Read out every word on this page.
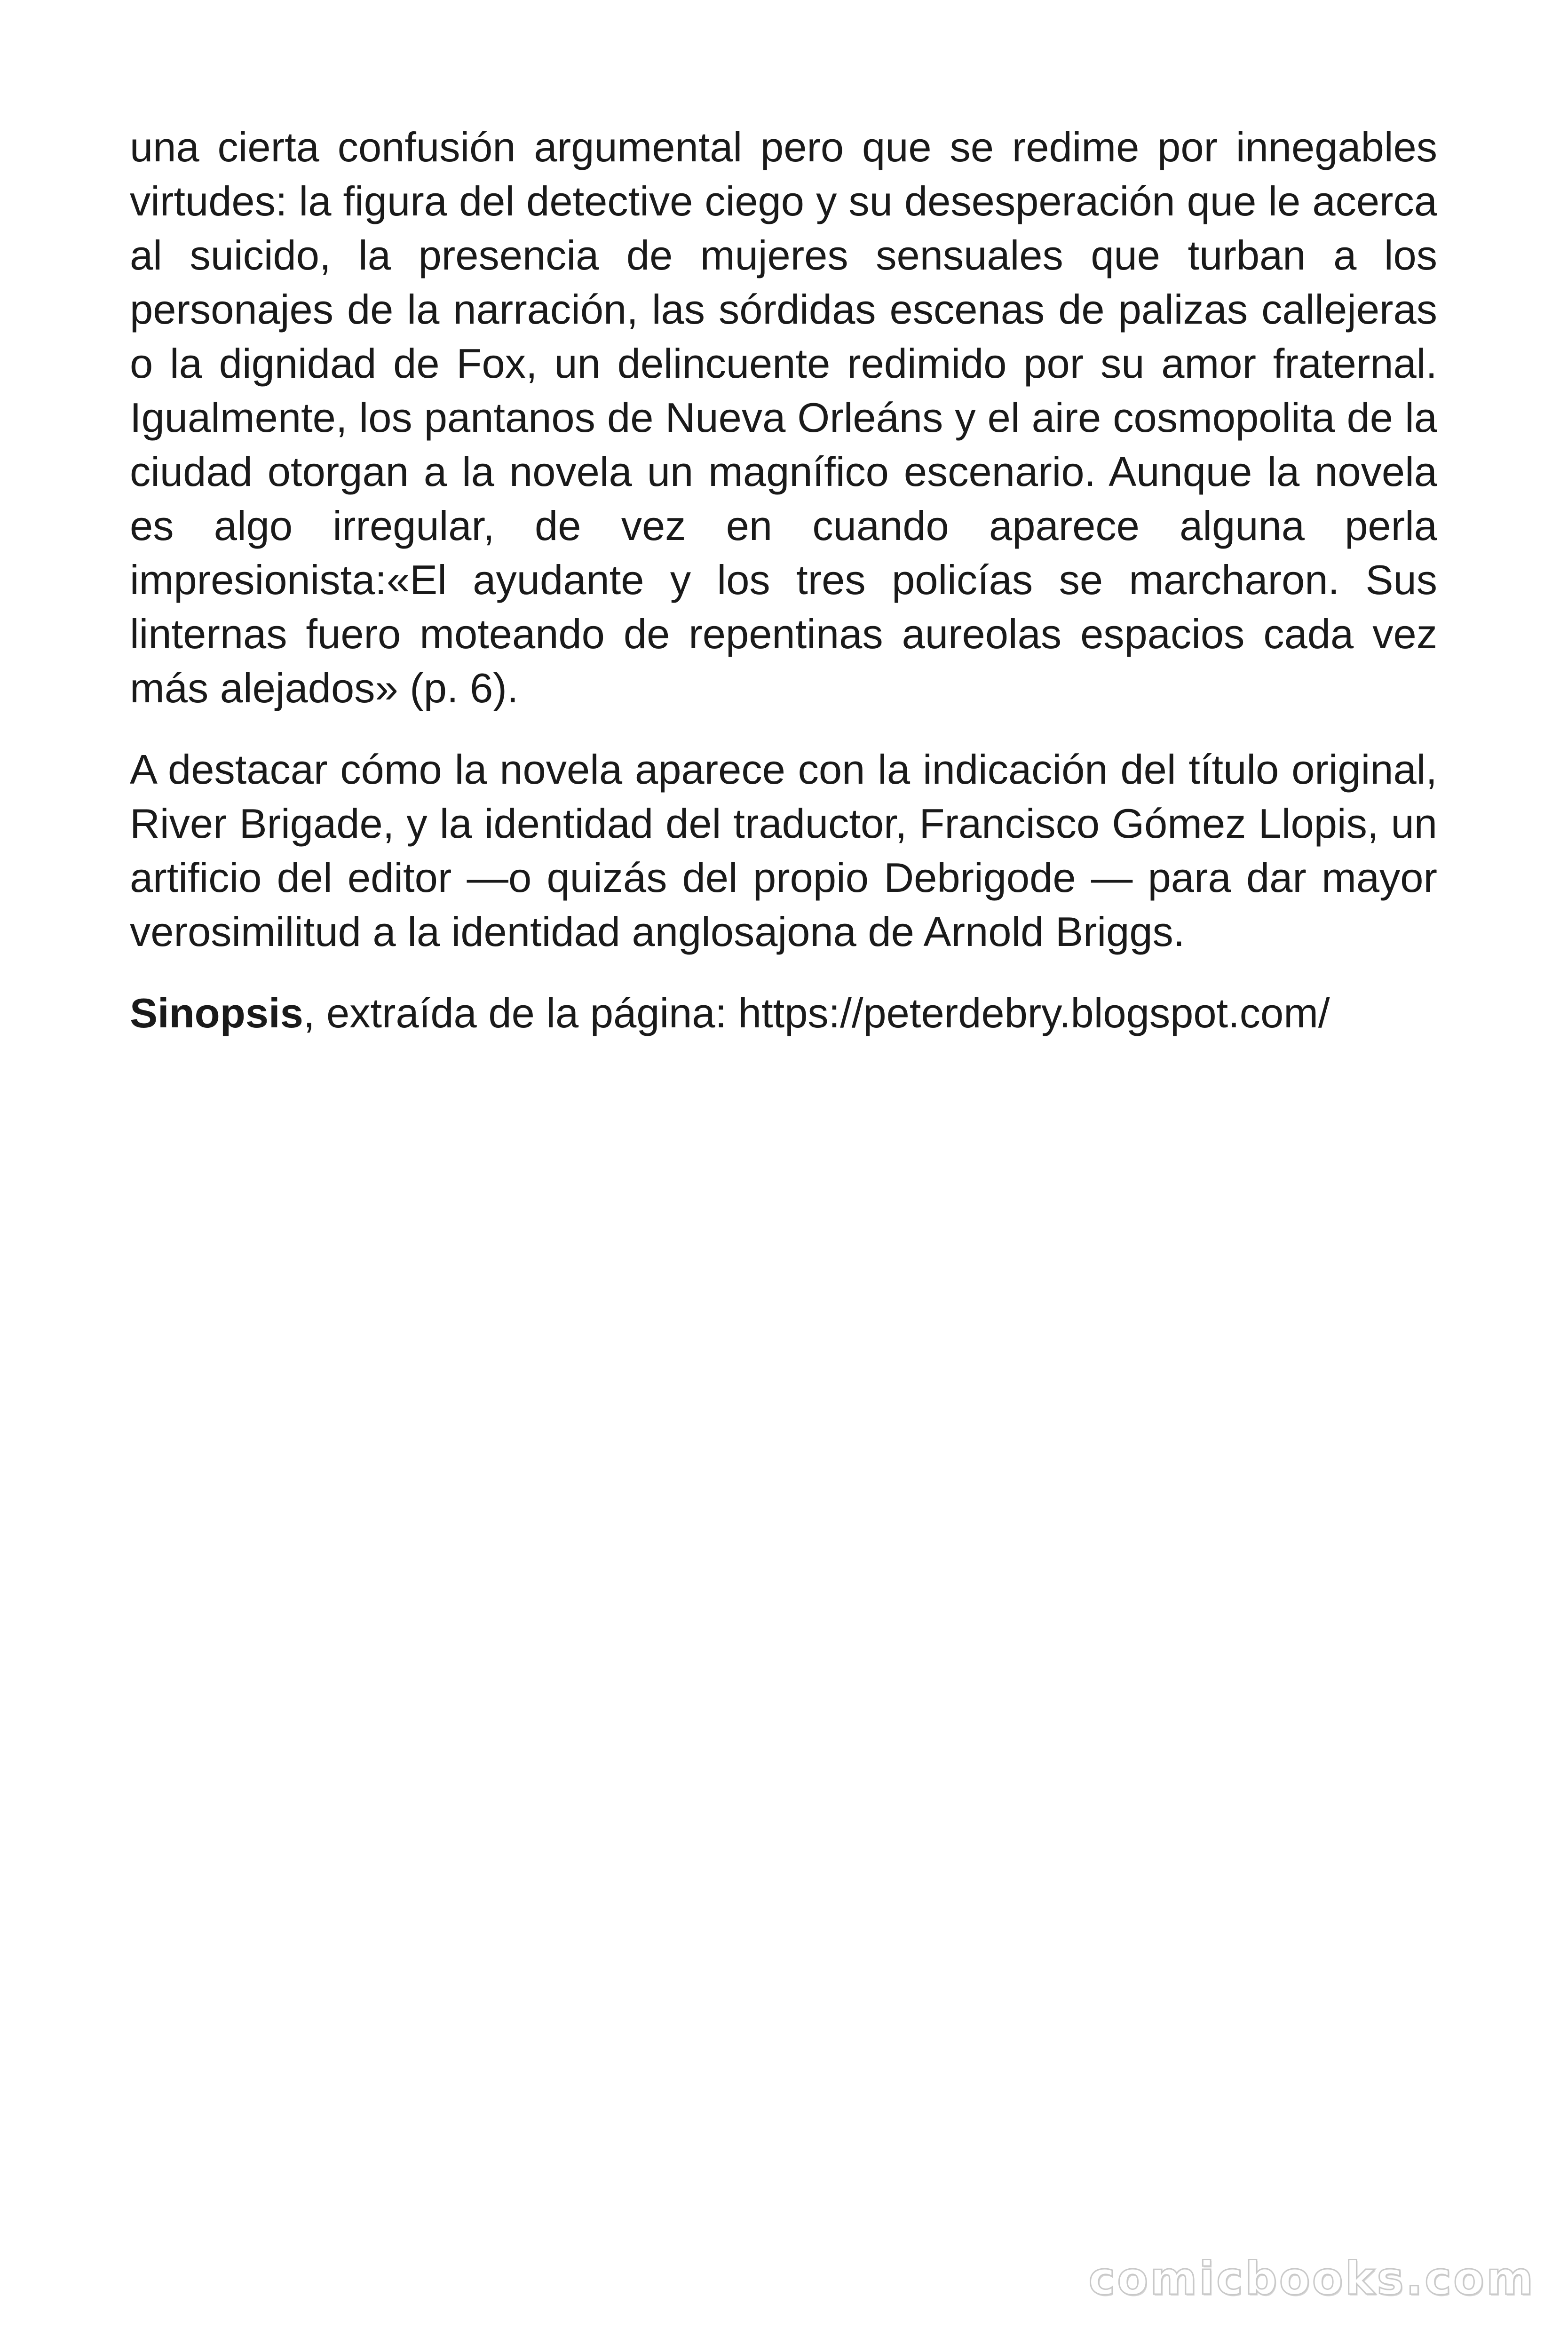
una cierta confusión argumental pero que se redime por innegables virtudes: la figura del detective ciego y su desesperación que le acerca al suicido, la presencia de mujeres sensuales que turban a los personajes de la narración, las sórdidas escenas de palizas callejeras o la dignidad de Fox, un delincuente redimido por su amor fraternal. Igualmente, los pantanos de Nueva Orleáns y el aire cosmopolita de la ciudad otorgan a la novela un magnífico escenario. Aunque la novela es algo irregular, de vez en cuando aparece alguna perla impresionista:«El ayudante y los tres policías se marcharon. Sus linternas fuero moteando de repentinas aureolas espacios cada vez más alejados» (p. 6).

A destacar cómo la novela aparece con la indicación del título original, River Brigade, y la identidad del traductor, Francisco Gómez Llopis, un artificio del editor —o quizás del propio Debrigode — para dar mayor verosimilitud a la identidad anglosajona de Arnold Briggs.

Sinopsis, extraída de la página: https://peterdebry.blogspot.com/

comicbooks.com
